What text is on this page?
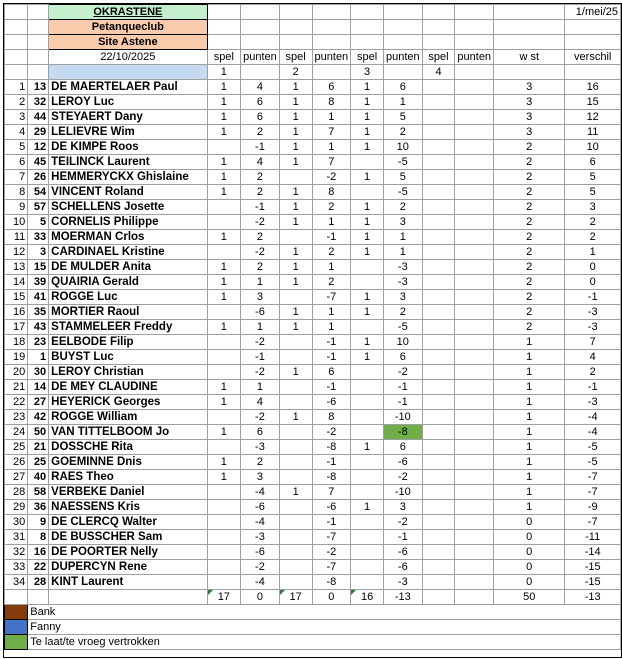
		OKRASTENE										1/mei/25
		Petanqueclub										
		Site Astene										
		22/10/2025	spel	punten	spel	punten	spel	punten	spel	punten	w st	verschil
			1		2		3		4			
1	13	DE MAERTELAER Paul	1	4	1	6	1	6			3	16
2	32	LEROY Luc	1	6	1	8	1	1			3	15
3	44	STEYAERT Dany	1	6	1	1	1	5			3	12
4	29	LELIEVRE Wim	1	2	1	7	1	2			3	11
5	12	DE KIMPE Roos		-1	1	1	1	10			2	10
6	45	TEILINCK Laurent	1	4	1	7		-5			2	6
7	26	HEMMERYCKX Ghislaine	1	2		-2	1	5			2	5
8	54	VINCENT Roland	1	2	1	8		-5			2	5
9	57	SCHELLENS Josette		-1	1	2	1	2			2	3
10	5	CORNELIS Philippe		-2	1	1	1	3			2	2
11	33	MOERMAN Crlos	1	2		-1	1	1			2	2
12	3	CARDINAEL Kristine		-2	1	2	1	1			2	1
13	15	DE MULDER Anita	1	2	1	1		-3			2	0
14	39	QUAIRIA Gerald	1	1	1	2		-3			2	0
15	41	ROGGE Luc	1	3		-7	1	3			2	-1
16	35	MORTIER Raoul		-6	1	1	1	2			2	-3
17	43	STAMMELEER Freddy	1	1	1	1		-5			2	-3
18	23	EELBODE Filip		-2		-1	1	10			1	7
19	1	BUYST Luc		-1		-1	1	6			1	4
20	30	LEROY Christian		-2	1	6		-2			1	2
21	14	DE MEY CLAUDINE	1	1		-1		-1			1	-1
22	27	HEYERICK Georges	1	4		-6		-1			1	-3
23	42	ROGGE William		-2	1	8		-10			1	-4
24	50	VAN TITTELBOOM Jo	1	6		-2		-8			1	-4
25	21	DOSSCHE Rita		-3		-8	1	6			1	-5
26	25	GOEMINNE Dnis	1	2		-1		-6			1	-5
27	40	RAES Theo	1	3		-8		-2			1	-7
28	58	VERBEKE Daniel		-4	1	7		-10			1	-7
29	36	NAESSENS Kris		-6		-6	1	3			1	-9
30	9	DE CLERCQ Walter		-4		-1		-2			0	-7
31	8	DE BUSSCHER Sam		-3		-7		-1			0	-11
32	16	DE POORTER Nelly		-6		-2		-6			0	-14
33	22	DUPERCYN Rene		-2		-7		-6			0	-15
34	28	KINT Laurent		-4		-8		-3			0	-15
			17	0	17	0	16	-13			50	-13
	Bank											
	Fanny											
	Te laat/te vroeg vertrokken											
